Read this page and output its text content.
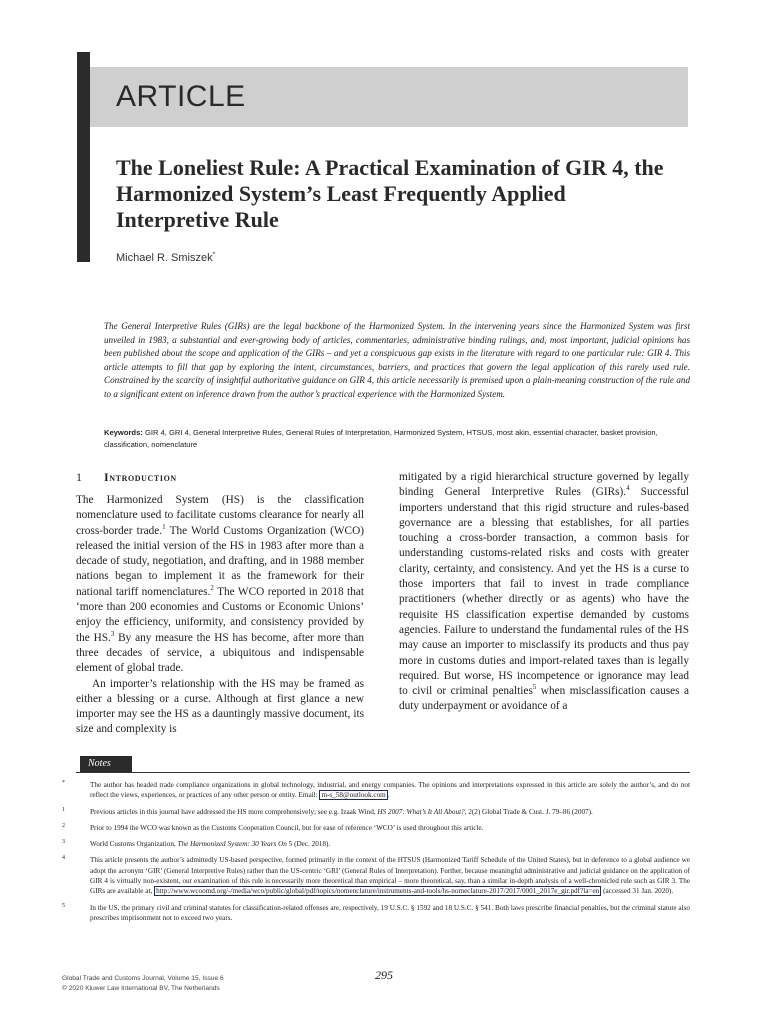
ARTICLE
The Loneliest Rule: A Practical Examination of GIR 4, the Harmonized System’s Least Frequently Applied Interpretive Rule
Michael R. Smiszek*

The General Interpretive Rules (GIRs) are the legal backbone of the Harmonized System. In the intervening years since the Harmonized System was first unveiled in 1983, a substantial and ever-growing body of articles, commentaries, administrative binding rulings, and, most important, judicial opinions has been published about the scope and application of the GIRs – and yet a conspicuous gap exists in the literature with regard to one particular rule: GIR 4. This article attempts to fill that gap by exploring the intent, circumstances, barriers, and practices that govern the legal application of this rarely used rule. Constrained by the scarcity of insightful authoritative guidance on GIR 4, this article necessarily is premised upon a plain-meaning construction of the rule and to a significant extent on inference drawn from the author’s practical experience with the Harmonized System.

Keywords: GIR 4, GRI 4, General Interpretive Rules, General Rules of Interpretation, Harmonized System, HTSUS, most akin, essential character, basket provision, classification, nomenclature

1 Introduction

The Harmonized System (HS) is the classification nomenclature used to facilitate customs clearance for nearly all cross-border trade.$^1$ The World Customs Organization (WCO) released the initial version of the HS in 1983 after more than a decade of study, negotiation, and drafting, and in 1988 member nations began to implement it as the framework for their national tariff nomenclatures.$^2$ The WCO reported in 2018 that ‘more than 200 economies and Customs or Economic Unions’ enjoy the efficiency, uniformity, and consistency provided by the HS.$^3$ By any measure the HS has become, after more than three decades of service, a ubiquitous and indispensable element of global trade.

An importer’s relationship with the HS may be framed as either a blessing or a curse. Although at first glance a new importer may see the HS as a dauntingly massive document, its size and complexity is

mitigated by a rigid hierarchical structure governed by legally binding General Interpretive Rules (GIRs).$^4$ Successful importers understand that this rigid structure and rules-based governance are a blessing that establishes, for all parties touching a cross-border transaction, a common basis for understanding customs-related risks and costs with greater clarity, certainty, and consistency. And yet the HS is a curse to those importers that fail to invest in trade compliance practitioners (whether directly or as agents) who have the requisite HS classification expertise demanded by customs agencies. Failure to understand the fundamental rules of the HS may cause an importer to misclassify its products and thus pay more in customs duties and import-related taxes than is legally required. But worse, HS incompetence or ignorance may lead to civil or criminal penalties$^5$ when misclassification causes a duty underpayment or avoidance of a

Notes

*	The author has headed trade compliance organizations in global technology, industrial, and energy companies. The opinions and interpretations expressed in this article are solely the author’s, and do not reflect the views, experiences, or practices of any other person or entity. Email: m-s_58@outlook.com .

1	Previous articles in this journal have addressed the HS more comprehensively; see e.g. Izaak Wind, HS 2007: What’s It All About?, 2(2) Global Trade & Cust. J. 79–86 (2007).

2	Prior to 1994 the WCO was known as the Customs Cooperation Council, but for ease of reference ‘WCO’ is used throughout this article.

3	World Customs Organization, The Harmonized System: 30 Years On 5 (Dec. 2018).

4	This article presents the author’s admittedly US-based perspective, formed primarily in the context of the HTSUS (Harmonized Tariff Schedule of the United States), but in deference to a global audience we adopt the acronym ‘GIR’ (General Interpretive Rules) rather than the US-centric ‘GRI’ (General Rules of Interpretation). Further, because meaningful administrative and judicial guidance on the application of GIR 4 is virtually non-existent, our examination of this rule is necessarily more theoretical than empirical – more theoretical, say, than a similar in-depth analysis of a well-chronicled rule such as GIR 3. The GIRs are available at, http://www.wcoomd.org/-/media/wco/public/global/pdf/topics/nomenclature/instruments-and-tools/hs-nomeclature-2017/2017/0001_2017e_gir.pdf?la=en (accessed 31 Jan. 2020).

5	In the US, the primary civil and criminal statutes for classification-related offenses are, respectively, 19 U.S.C. § 1592 and 18 U.S.C. § 541. Both laws prescribe financial penalties, but the criminal statute also prescribes imprisonment not to exceed two years.

295
Global Trade and Customs Journal, Volume 15, Issue 6
© 2020 Kluwer Law International BV, The Netherlands
